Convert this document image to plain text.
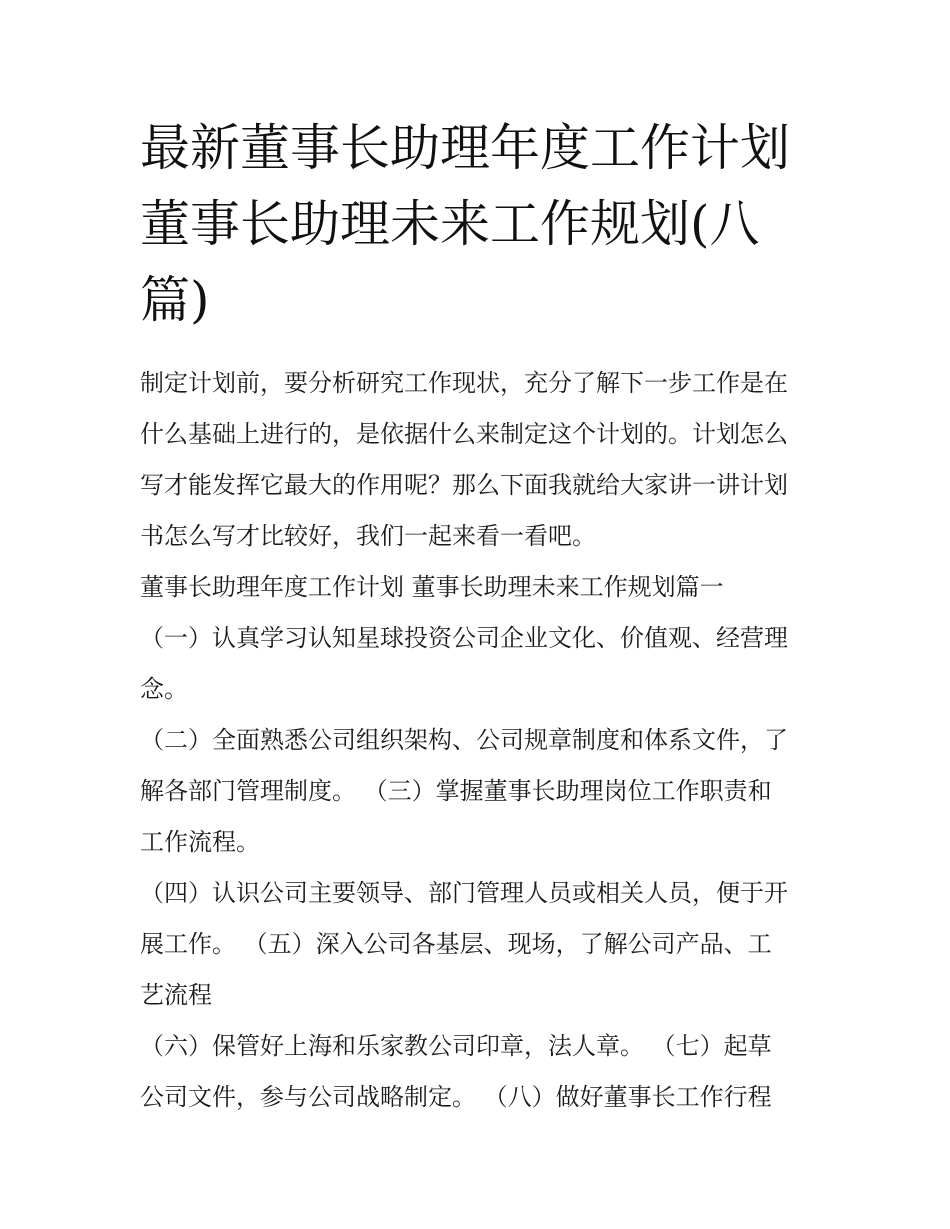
最新董事长助理年度工作计划
董事长助理未来工作规划(八
篇)

制定计划前，要分析研究工作现状，充分了解下一步工作是在
什么基础上进行的，是依据什么来制定这个计划的。计划怎么
写才能发挥它最大的作用呢？那么下面我就给大家讲一讲计划
书怎么写才比较好，我们一起来看一看吧。

董事长助理年度工作计划 董事长助理未来工作规划篇一

（一）认真学习认知星球投资公司企业文化、价值观、经营理
念。

（二）全面熟悉公司组织架构、公司规章制度和体系文件，了
解各部门管理制度。 （三）掌握董事长助理岗位工作职责和
工作流程。

（四）认识公司主要领导、部门管理人员或相关人员，便于开
展工作。 （五）深入公司各基层、现场，了解公司产品、工
艺流程

（六）保管好上海和乐家教公司印章，法人章。 （七）起草
公司文件，参与公司战略制定。 （八）做好董事长工作行程
